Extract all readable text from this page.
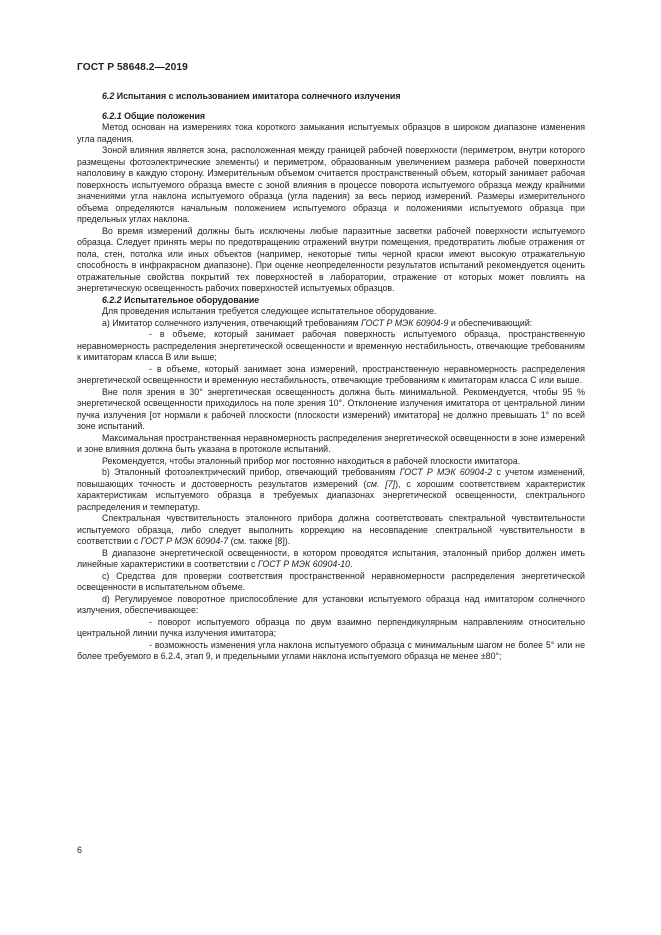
ГОСТ Р 58648.2—2019

6.2 Испытания с использованием имитатора солнечного излучения

6.2.1 Общие положения

Метод основан на измерениях тока короткого замыкания испытуемых образцов в широком диапазоне изменения угла падения.

Зоной влияния является зона, расположенная между границей рабочей поверхности (периметром, внутри которого размещены фотоэлектрические элементы) и периметром, образованным увеличением размера рабочей поверхности наполовину в каждую сторону. Измерительным объемом считается пространственный объем, который занимает рабочая поверхность испытуемого образца вместе с зоной влияния в процессе поворота испытуемого образца между крайними значениями угла наклона испытуемого образца (угла падения) за весь период измерений. Размеры измерительного объема определяются начальным положением испытуемого образца и положениями испытуемого образца при предельных углах наклона.

Во время измерений должны быть исключены любые паразитные засветки рабочей поверхности испытуемого образца. Следует принять меры по предотвращению отражений внутри помещения, предотвратить любые отражения от пола, стен, потолка или иных объектов (например, некоторые типы черной краски имеют высокую отражательную способность в инфракрасном диапазоне). При оценке неопределенности результатов испытаний рекомендуется оценить отражательные свойства покрытий тех поверхностей в лаборатории, отражение от которых может повлиять на энергетическую освещенность рабочих поверхностей испытуемых образцов.

6.2.2 Испытательное оборудование

Для проведения испытания требуется следующее испытательное оборудование.

а) Имитатор солнечного излучения, отвечающий требованиям ГОСТ Р МЭК 60904-9 и обеспечивающий:

- в объеме, который занимает рабочая поверхность испытуемого образца, пространственную неравномерность распределения энергетической освещенности и временную нестабильность, отвечающие требованиям к имитаторам класса В или выше;

- в объеме, который занимает зона измерений, пространственную неравномерность распределения энергетической освещенности и временную нестабильность, отвечающие требованиям к имитаторам класса С или выше.

Вне поля зрения в 30° энергетическая освещенность должна быть минимальной. Рекомендуется, чтобы 95 % энергетической освещенности приходилось на поле зрения 10°. Отклонение излучения имитатора от центральной линии пучка излучения [от нормали к рабочей плоскости (плоскости измерений) имитатора] не должно превышать 1° по всей зоне испытаний.

Максимальная пространственная неравномерность распределения энергетической освещенности в зоне измерений и зоне влияния должна быть указана в протоколе испытаний.

Рекомендуется, чтобы эталонный прибор мог постоянно находиться в рабочей плоскости имитатора.

b) Эталонный фотоэлектрический прибор, отвечающий требованиям ГОСТ Р МЭК 60904-2 с учетом изменений, повышающих точность и достоверность результатов измерений (см. [7]), с хорошим соответствием характеристик характеристикам испытуемого образца в требуемых диапазонах энергетической освещенности, спектрального распределения и температур.

Спектральная чувствительность эталонного прибора должна соответствовать спектральной чувствительности испытуемого образца, либо следует выполнить коррекцию на несовпадение спектральной чувствительности в соответствии с ГОСТ Р МЭК 60904-7 (см. также [8]).

В диапазоне энергетической освещенности, в котором проводятся испытания, эталонный прибор должен иметь линейные характеристики в соответствии с ГОСТ Р МЭК 60904-10.

с) Средства для проверки соответствия пространственной неравномерности распределения энергетической освещенности в испытательном объеме.

d) Регулируемое поворотное приспособление для установки испытуемого образца над имитатором солнечного излучения, обеспечивающее:

- поворот испытуемого образца по двум взаимно перпендикулярным направлениям относительно центральной линии пучка излучения имитатора;

- возможность изменения угла наклона испытуемого образца с минимальным шагом не более 5° или не более требуемого в 6.2.4, этап 9, и предельными углами наклона испытуемого образца не менее ±80°;

6
